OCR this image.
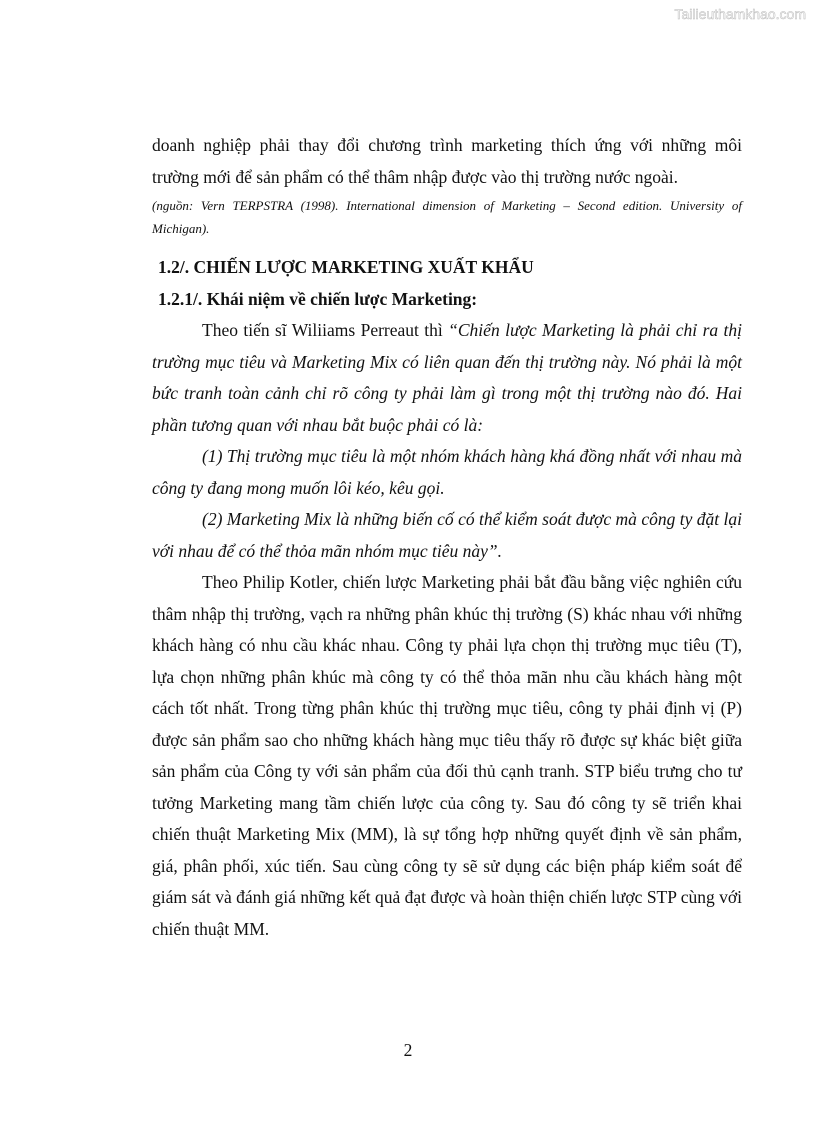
Tailieuthamkhao.com

doanh nghiệp phải thay đổi chương trình marketing thích ứng với những môi trường mới để sản phẩm có thể thâm nhập được vào thị trường nước ngoài.

(nguồn: Vern TERPSTRA (1998). International dimension of Marketing – Second edition. University of Michigan).

1.2/. CHIẾN LƯỢC MARKETING XUẤT KHẨU
1.2.1/. Khái niệm về chiến lược Marketing:

Theo tiến sĩ Wiliiams Perreaut thì “Chiến lược Marketing là phải chỉ ra thị trường mục tiêu và Marketing Mix có liên quan đến thị trường này. Nó phải là một bức tranh toàn cảnh chỉ rõ công ty phải làm gì trong một thị trường nào đó. Hai phần tương quan với nhau bắt buộc phải có là:

(1) Thị trường mục tiêu là một nhóm khách hàng khá đồng nhất với nhau mà công ty đang mong muốn lôi kéo, kêu gọi.

(2) Marketing Mix là những biến cố có thể kiểm soát được mà công ty đặt lại với nhau để có thể thỏa mãn nhóm mục tiêu này”.

Theo Philip Kotler, chiến lược Marketing phải bắt đầu bằng việc nghiên cứu thâm nhập thị trường, vạch ra những phân khúc thị trường (S) khác nhau với những khách hàng có nhu cầu khác nhau. Công ty phải lựa chọn thị trường mục tiêu (T), lựa chọn những phân khúc mà công ty có thể thỏa mãn nhu cầu khách hàng một cách tốt nhất. Trong từng phân khúc thị trường mục tiêu, công ty phải định vị (P) được sản phẩm sao cho những khách hàng mục tiêu thấy rõ được sự khác biệt giữa sản phẩm của Công ty với sản phẩm của đối thủ cạnh tranh. STP biểu trưng cho tư tưởng Marketing mang tầm chiến lược của công ty. Sau đó công ty sẽ triển khai chiến thuật Marketing Mix (MM), là sự tổng hợp những quyết định về sản phẩm, giá, phân phối, xúc tiến. Sau cùng công ty sẽ sử dụng các biện pháp kiểm soát để giám sát và đánh giá những kết quả đạt được và hoàn thiện chiến lược STP cùng với chiến thuật MM.

2
